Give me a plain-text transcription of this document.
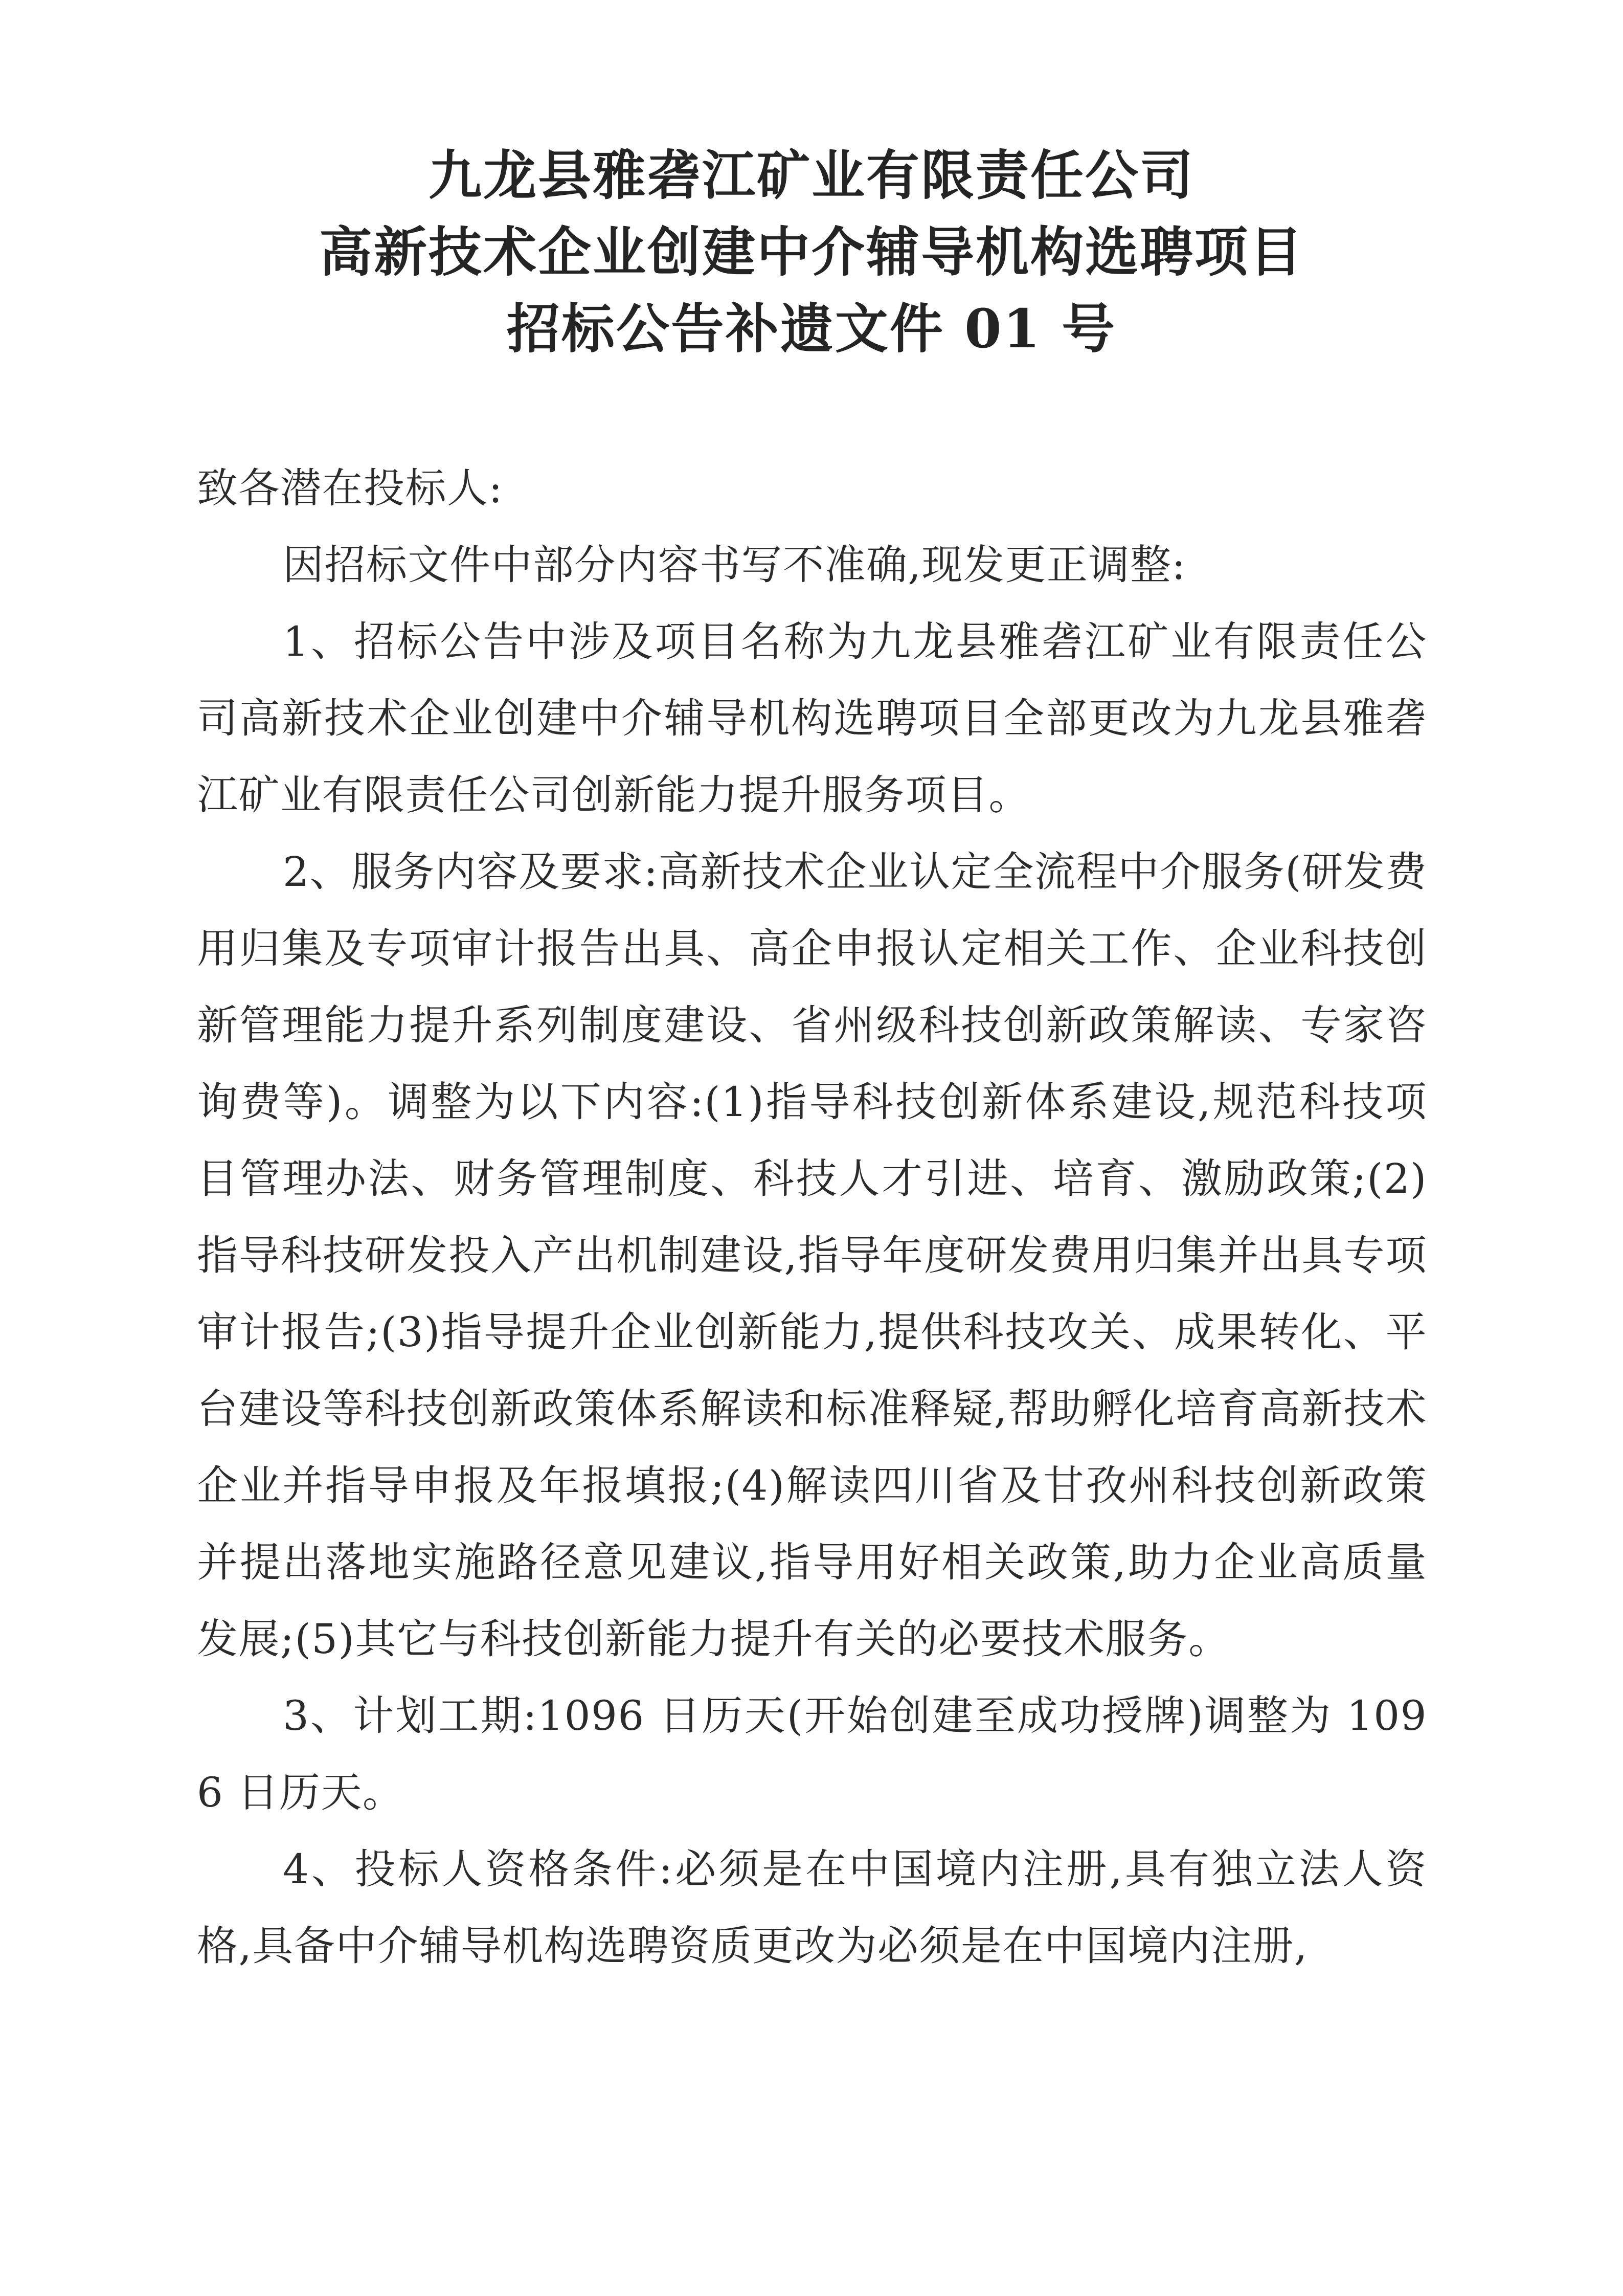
九龙县雅砻江矿业有限责任公司
高新技术企业创建中介辅导机构选聘项目
招标公告补遗文件 01 号

致各潜在投标人:

因招标文件中部分内容书写不准确,现发更正调整:

1、招标公告中涉及项目名称为九龙县雅砻江矿业有限责任公司高新技术企业创建中介辅导机构选聘项目全部更改为九龙县雅砻江矿业有限责任公司创新能力提升服务项目。

2、服务内容及要求:高新技术企业认定全流程中介服务(研发费用归集及专项审计报告出具、高企申报认定相关工作、企业科技创新管理能力提升系列制度建设、省州级科技创新政策解读、专家咨询费等)。调整为以下内容:(1)指导科技创新体系建设,规范科技项目管理办法、财务管理制度、科技人才引进、培育、激励政策;(2)指导科技研发投入产出机制建设,指导年度研发费用归集并出具专项审计报告;(3)指导提升企业创新能力,提供科技攻关、成果转化、平台建设等科技创新政策体系解读和标准释疑,帮助孵化培育高新技术企业并指导申报及年报填报;(4)解读四川省及甘孜州科技创新政策并提出落地实施路径意见建议,指导用好相关政策,助力企业高质量发展;(5)其它与科技创新能力提升有关的必要技术服务。

3、计划工期:1096 日历天(开始创建至成功授牌)调整为 1096 日历天。

4、投标人资格条件:必须是在中国境内注册,具有独立法人资格,具备中介辅导机构选聘资质更改为必须是在中国境内注册,
